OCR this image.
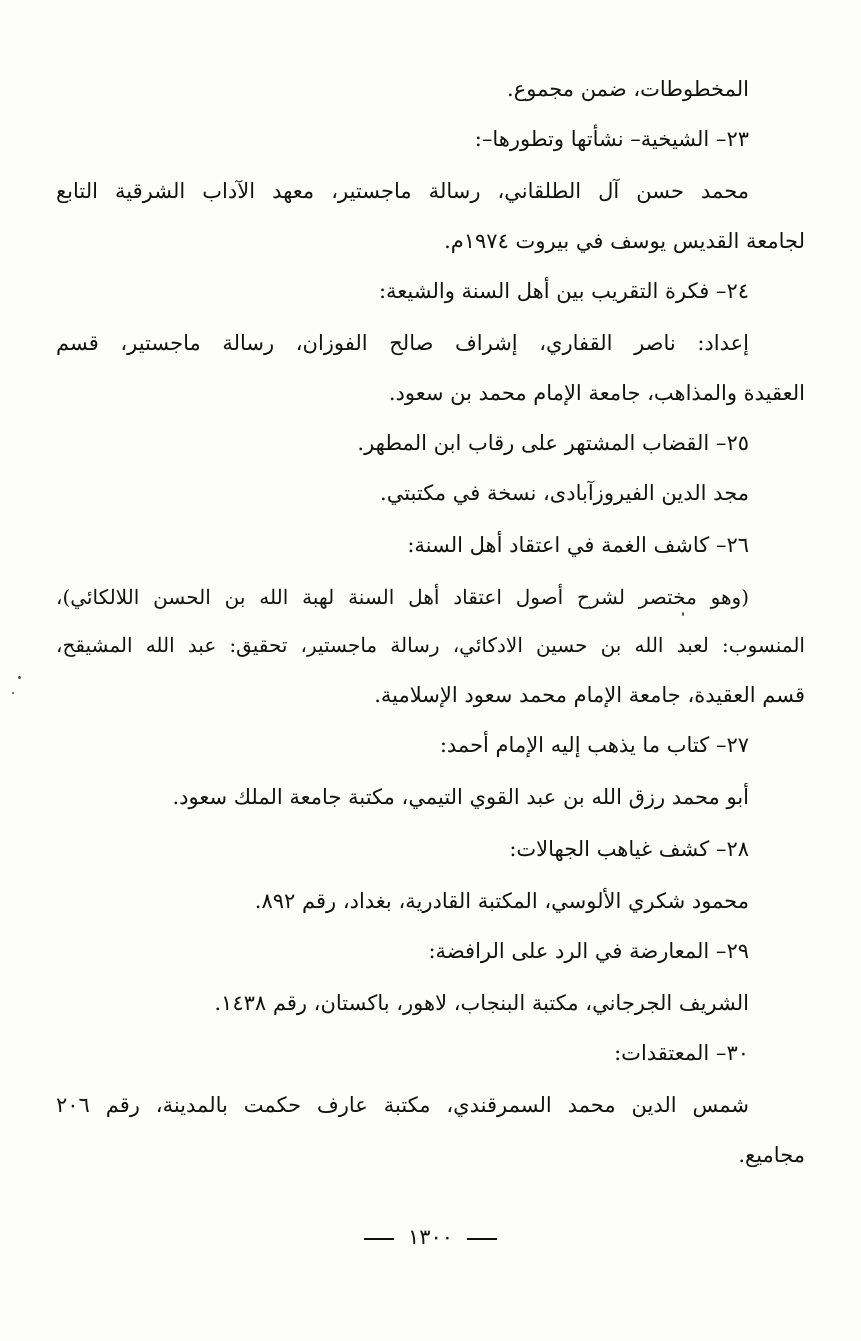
المخطوطات، ضمن مجموع.
٢٣– الشيخية– نشأتها وتطورها–:
محمد حسن آل الطلقاني، رسالة ماجستير، معهد الآداب الشرقية التابع
لجامعة القديس يوسف في بيروت ١٩٧٤م.
٢٤– فكرة التقريب بين أهل السنة والشيعة:
إعداد: ناصر القفاري، إشراف صالح الفوزان، رسالة ماجستير، قسم
العقيدة والمذاهب، جامعة الإمام محمد بن سعود.
٢٥– القضاب المشتهر على رقاب ابن المطهر.
مجد الدين الفيروزآبادى، نسخة في مكتبتي.
٢٦– كاشف الغمة في اعتقاد أهل السنة:
(وهو مختصر لشرح أصول اعتقاد أهل السنة لهبة الله بن الحسن اللالكائي)،
المنسوب: لعبد الله بن حسين الادكائي، رسالة ماجستير، تحقيق: عبد الله المشيقح،
قسم العقيدة، جامعة الإمام محمد سعود الإسلامية.
٢٧– كتاب ما يذهب إليه الإمام أحمد:
أبو محمد رزق الله بن عبد القوي التيمي، مكتبة جامعة الملك سعود.
٢٨– كشف غياهب الجهالات:
محمود شكري الألوسي، المكتبة القادرية، بغداد، رقم ٨٩٢.
٢٩– المعارضة في الرد على الرافضة:
الشريف الجرجاني، مكتبة البنجاب، لاهور، باكستان، رقم ١٤٣٨.
٣٠– المعتقدات:
شمس الدين محمد السمرقندي، مكتبة عارف حكمت بالمدينة، رقم ٢٠٦
مجاميع.
١٣٠٠
